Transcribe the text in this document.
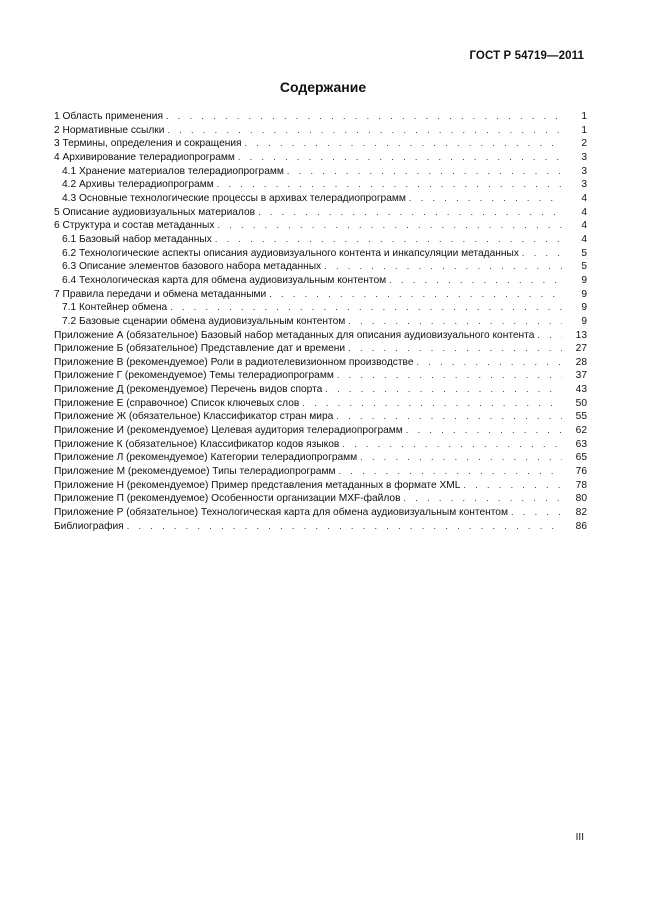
ГОСТ Р 54719—2011
Содержание
1 Область применения . . .	1
2 Нормативные ссылки . . .	1
3 Термины, определения и сокращения . . .	2
4 Архивирование телерадиопрограмм . . .	3
4.1 Хранение материалов телерадиопрограмм . . .	3
4.2 Архивы телерадиопрограмм . . .	3
4.3 Основные технологические процессы в архивах телерадиопрограмм . . .	4
5 Описание аудиовизуальных материалов . . .	4
6 Структура и состав метаданных . . .	4
6.1 Базовый набор метаданных . . .	4
6.2 Технологические аспекты описания аудиовизуального контента и инкапсуляции метаданных . . .	5
6.3 Описание элементов базового набора метаданных . . .	5
6.4 Технологическая карта для обмена аудиовизуальным контентом . . .	9
7 Правила передачи и обмена метаданными . . .	9
7.1 Контейнер обмена . . .	9
7.2 Базовые сценарии обмена аудиовизуальным контентом . . .	9
Приложение А (обязательное) Базовый набор метаданных для описания аудиовизуального контента . . .	13
Приложение Б (обязательное) Представление дат и времени . . .	27
Приложение В (рекомендуемое) Роли в радиотелевизионном производстве . . .	28
Приложение Г (рекомендуемое) Темы телерадиопрограмм . . .	37
Приложение Д (рекомендуемое) Перечень видов спорта . . .	43
Приложение Е (справочное) Список ключевых слов . . .	50
Приложение Ж (обязательное) Классификатор стран мира . . .	55
Приложение И (рекомендуемое) Целевая аудитория телерадиопрограмм . . .	62
Приложение К (обязательное) Классификатор кодов языков . . .	63
Приложение Л (рекомендуемое) Категории телерадиопрограмм . . .	65
Приложение М (рекомендуемое) Типы телерадиопрограмм . . .	76
Приложение Н (рекомендуемое) Пример представления метаданных в формате XML . . .	78
Приложение П (рекомендуемое) Особенности организации MXF-файлов . . .	80
Приложение Р (обязательное) Технологическая карта для обмена аудиовизуальным контентом . . .	82
Библиография . . .	86
III
